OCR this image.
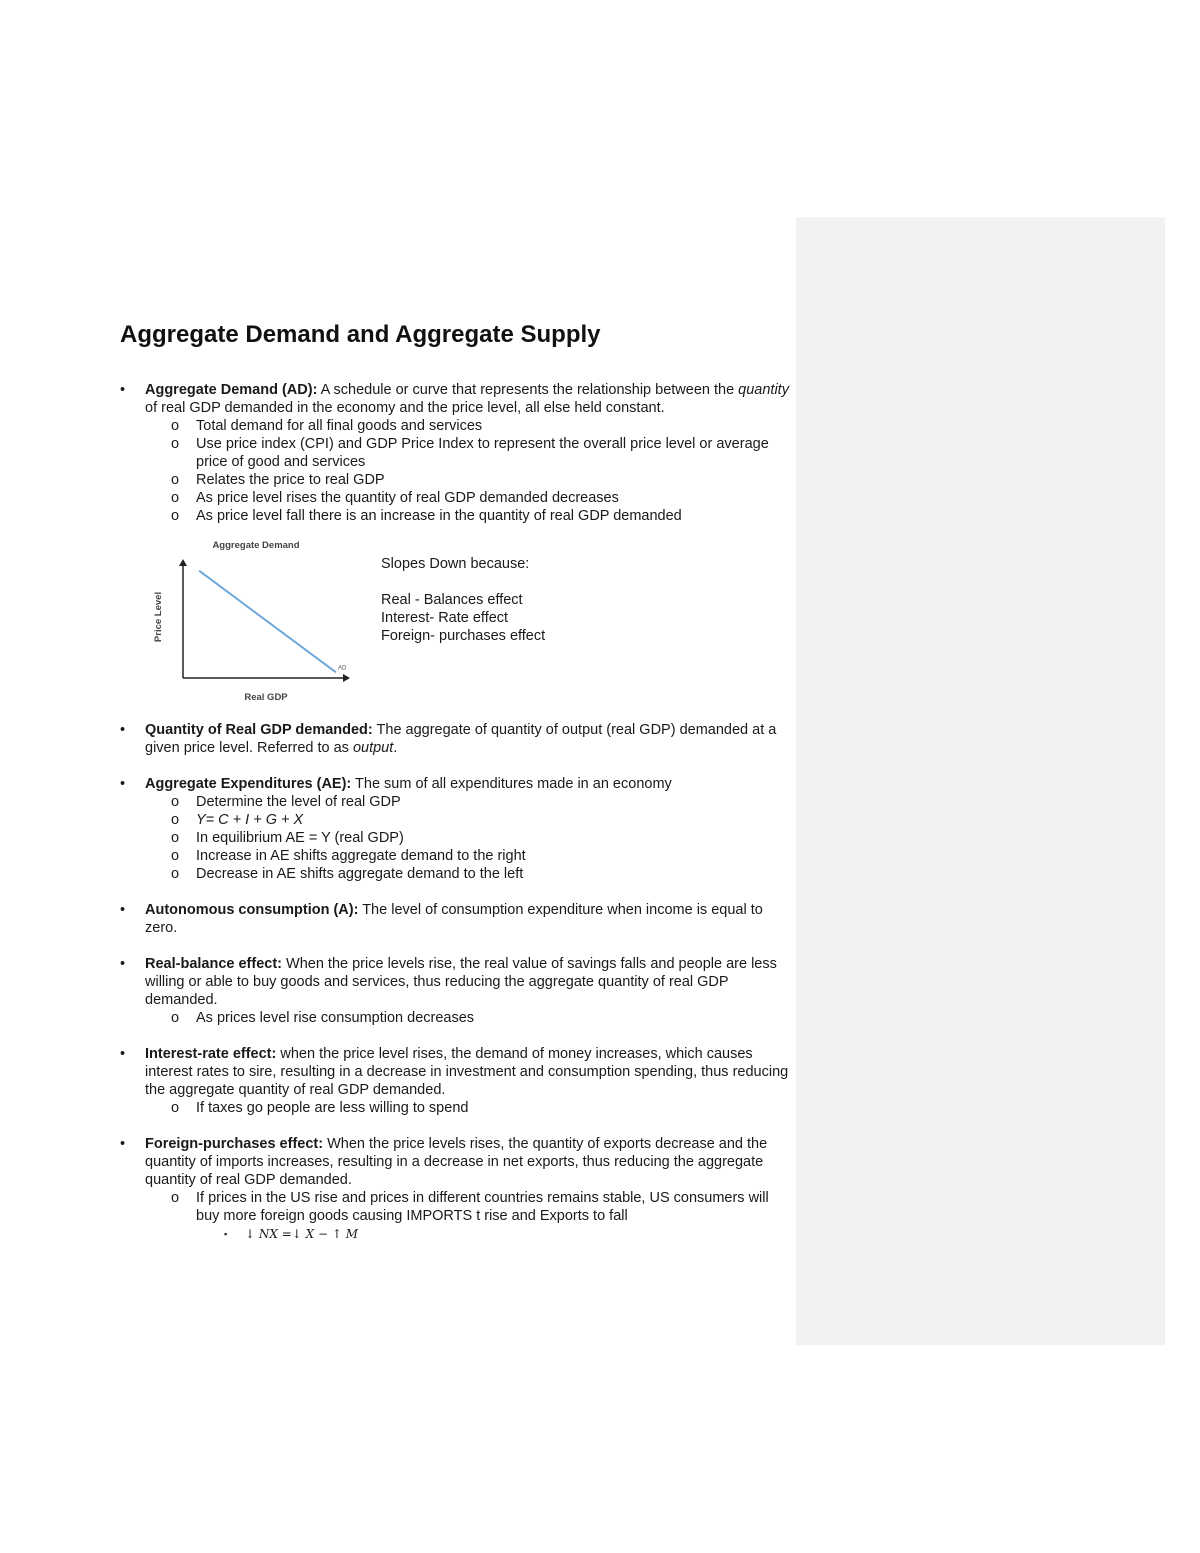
Aggregate Demand and Aggregate Supply
• Aggregate Demand (AD): A schedule or curve that represents the relationship between the quantity of real GDP demanded in the economy and the price level, all else held constant.
o Total demand for all final goods and services
o Use price index (CPI) and GDP Price Index to represent the overall price level or average price of good and services
o Relates the price to real GDP
o As price level rises the quantity of real GDP demanded decreases
o As price level fall there is an increase in the quantity of real GDP demanded
Aggregate Demand
Price Level
Real GDP
AD
Slopes Down because:
Real - Balances effect
Interest- Rate effect
Foreign- purchases effect
• Quantity of Real GDP demanded: The aggregate of quantity of output (real GDP) demanded at a given price level. Referred to as output.
• Aggregate Expenditures (AE): The sum of all expenditures made in an economy
o Determine the level of real GDP
o Y= C + I + G + X
o In equilibrium AE = Y (real GDP)
o Increase in AE shifts aggregate demand to the right
o Decrease in AE shifts aggregate demand to the left
• Autonomous consumption (A): The level of consumption expenditure when income is equal to zero.
• Real-balance effect: When the price levels rise, the real value of savings falls and people are less willing or able to buy goods and services, thus reducing the aggregate quantity of real GDP demanded.
o As prices level rise consumption decreases
• Interest-rate effect: when the price level rises, the demand of money increases, which causes interest rates to sire, resulting in a decrease in investment and consumption spending, thus reducing the aggregate quantity of real GDP demanded.
o If taxes go people are less willing to spend
• Foreign-purchases effect: When the price levels rises, the quantity of exports decrease and the quantity of imports increases, resulting in a decrease in net exports, thus reducing the aggregate quantity of real GDP demanded.
o If prices in the US rise and prices in different countries remains stable, US consumers will buy more foreign goods causing IMPORTS t rise and Exports to fall
▪ ↓ NX =↓ X − ↑ M
